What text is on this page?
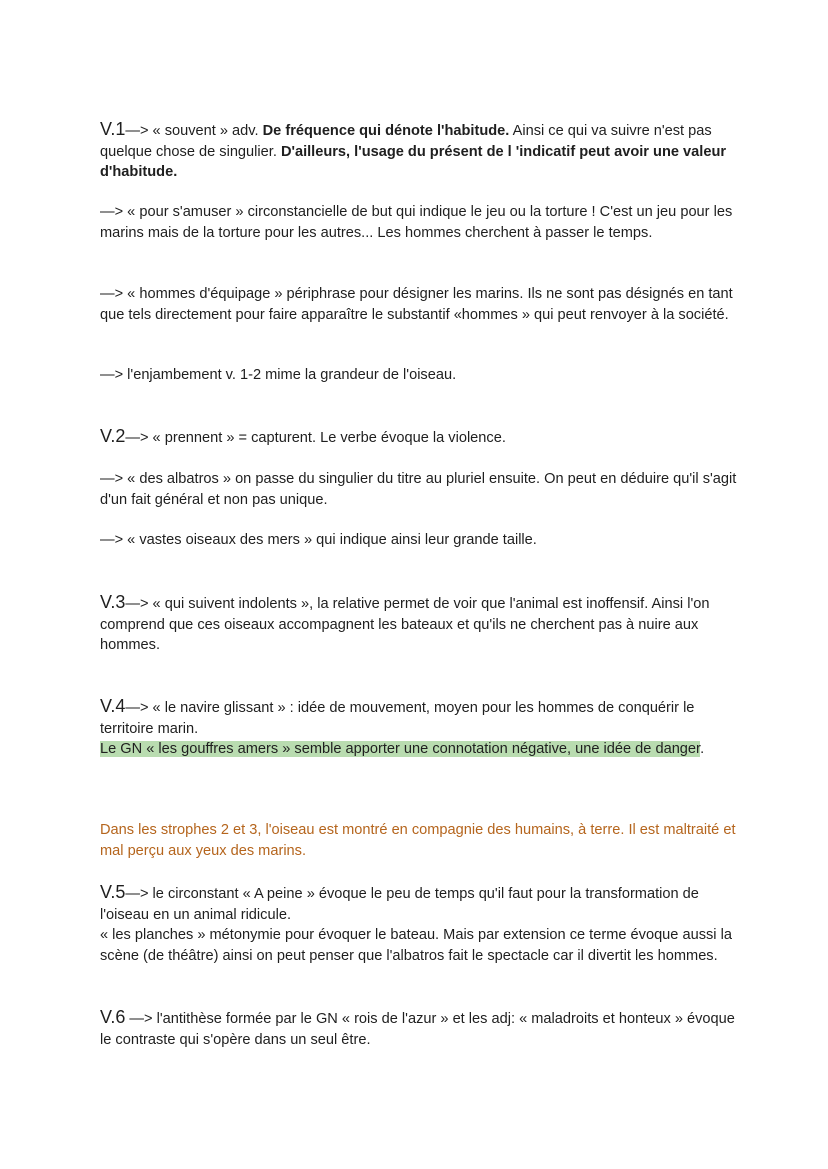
V.1—> « souvent » adv. De fréquence qui dénote l'habitude. Ainsi ce qui va suivre n'est pas quelque chose de singulier. D'ailleurs, l'usage du présent de l 'indicatif peut avoir une valeur d'habitude.

—> « pour s'amuser » circonstancielle de but qui indique le jeu ou la torture ! C'est un jeu pour les marins mais de la torture pour les autres... Les hommes cherchent à passer le temps.

—> « hommes d'équipage » périphrase pour désigner les marins. Ils ne sont pas désignés en tant que tels directement pour faire apparaître le substantif «hommes » qui peut renvoyer à la société.

—> l'enjambement v. 1-2 mime la grandeur de l'oiseau.

V.2—> « prennent » = capturent. Le verbe évoque la violence.

—> « des albatros » on passe du singulier du titre au pluriel ensuite. On peut en déduire qu'il s'agit d'un fait général et non pas unique.

—> « vastes oiseaux des mers » qui indique ainsi leur grande taille.

V.3—> « qui suivent indolents », la relative permet de voir que l'animal est inoffensif. Ainsi l'on comprend que ces oiseaux accompagnent les bateaux et qu'ils ne cherchent pas à nuire aux hommes.

V.4—> « le navire glissant » : idée de mouvement, moyen pour les hommes de conquérir le territoire marin.
Le GN « les gouffres amers » semble apporter une connotation négative, une idée de danger.

Dans les strophes 2 et 3, l'oiseau est montré en compagnie des humains, à terre. Il est maltraité et mal perçu aux yeux des marins.

V.5—> le circonstant « A peine » évoque le peu de temps qu'il faut pour la transformation de l'oiseau en un animal ridicule.
« les planches » métonymie pour évoquer le bateau. Mais par extension ce terme évoque aussi la scène (de théâtre) ainsi on peut penser que l'albatros fait le spectacle car il divertit les hommes.

V.6 —> l'antithèse formée par le GN « rois de l'azur » et les adj: « maladroits et honteux » évoque le contraste qui s'opère dans un seul être.
